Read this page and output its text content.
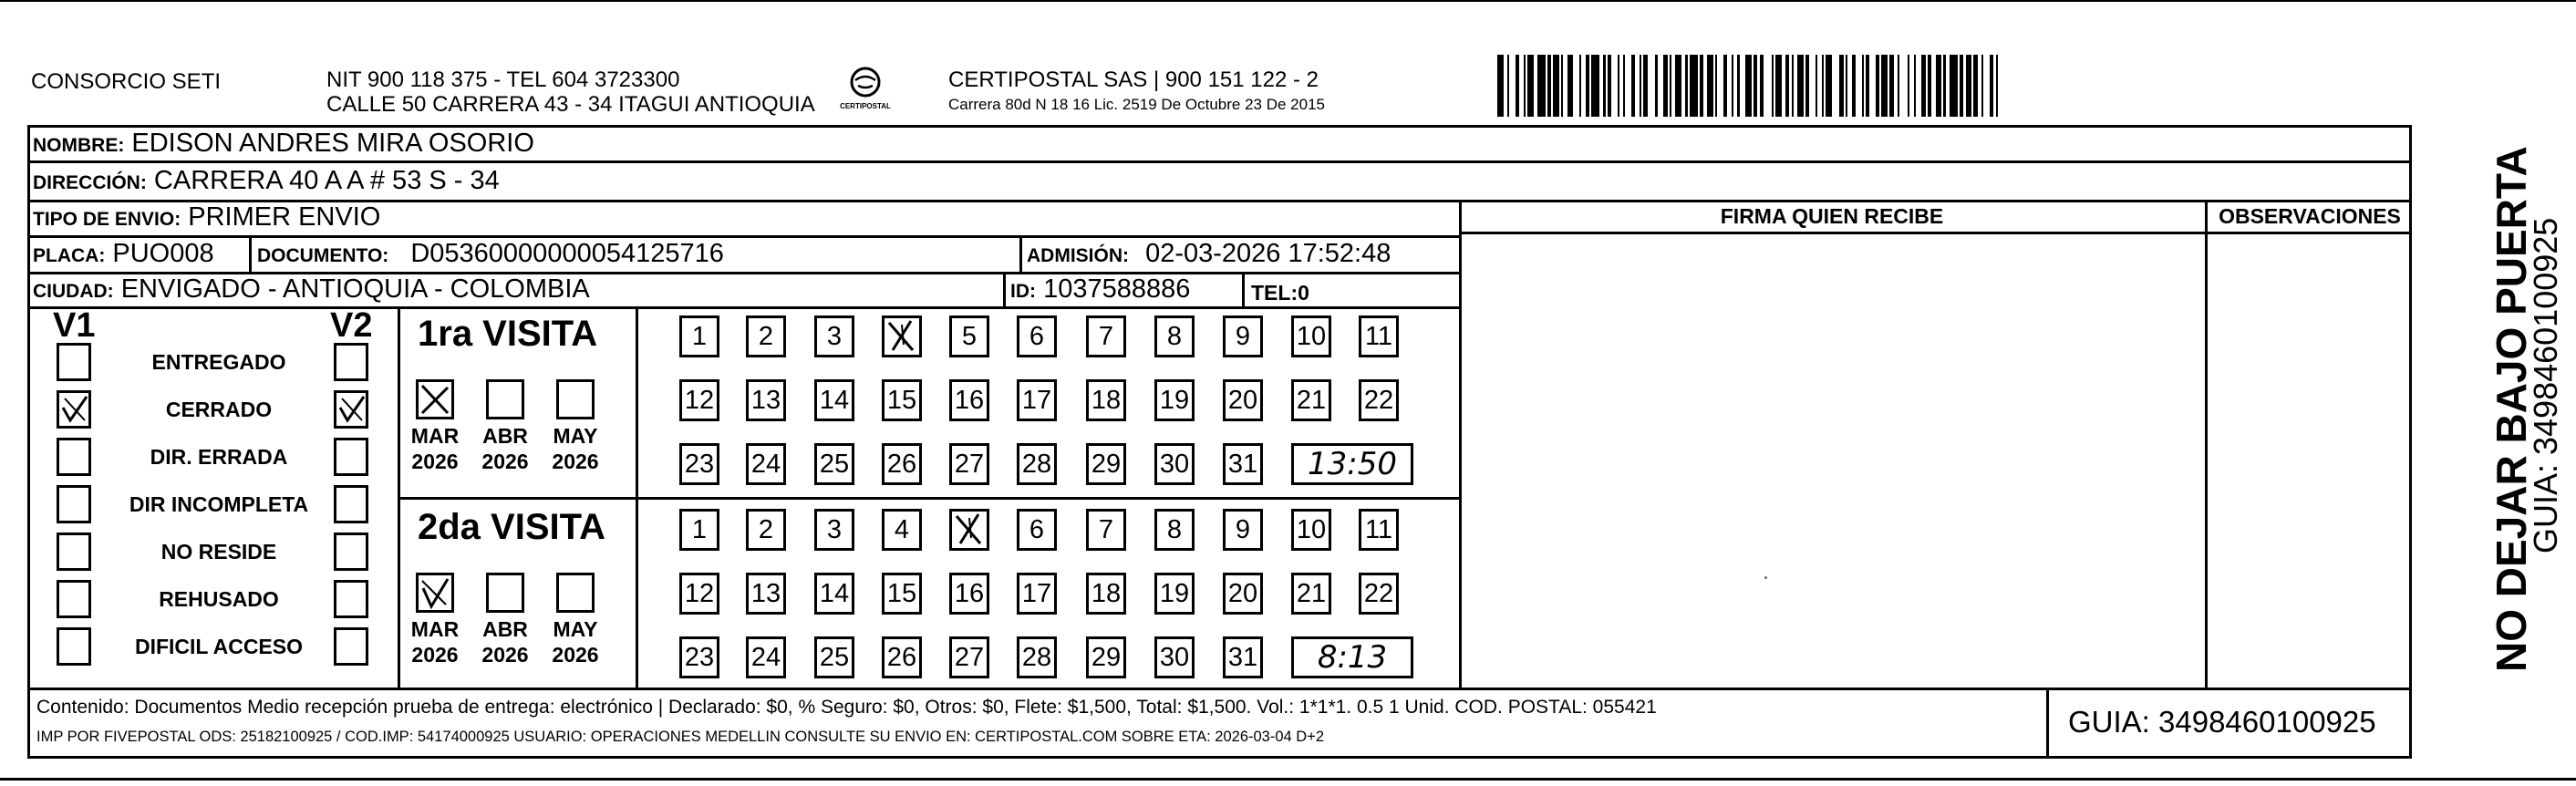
CONSORCIO SETI	NIT 900 118 375 - TEL 604 3723300
CALLE 50 CARRERA 43 - 34 ITAGUI ANTIOQUIA	CERTIPOSTAL
CERTIPOSTAL SAS | 900 151 122 - 2
Carrera 80d N 18 16 Lic. 2519 De Octubre 23 De 2015
NOMBRE: EDISON ANDRES MIRA OSORIO
DIRECCIÓN: CARRERA 40 A A # 53 S - 34
FIRMA QUIEN RECIBE	OBSERVACIONES
TIPO DE ENVIO: PRIMER ENVIO
PLACA: PUO008 DOCUMENTO: D05360000000054125716	ADMISIÓN: 02-03-2026 17:52:48
CIUDAD: ENVIGADO - ANTIOQUIA - COLOMBIA	ID: 1037588886	TEL:0
V1	V2
ENTREGADO
CERRADO
DIR. ERRADA
DIR INCOMPLETA
NO RESIDE
REHUSADO
DIFICIL ACCESO
1ra VISITA
2da VISITA
MAR
2026
ABR
2026
MAY
2026
1	2	3	5	6	7	8	9	10 11
12 13 14 15 16 17 18 19 20 21 22
23 24 25 26 27 28 29 30 31	13:50
MAR
2026
ABR
2026
MAY
2026
1	2	3	4	6	7	8	9	10 11
12 13 14 15 16 17 18 19 20 21 22
23 24 25 26 27 28 29 30 31	8:13
Contenido: Documentos Medio recepción prueba de entrega: electrónico | Declarado: $0, % Seguro: $0, Otros: $0, Flete: $1,500, Total: $1,500. Vol.: 1*1*1. 0.5 1 Unid. COD. POSTAL: 055421
IMP POR FIVEPOSTAL ODS: 25182100925 / COD.IMP: 54174000925 USUARIO: OPERACIONES MEDELLIN CONSULTE SU ENVIO EN: CERTIPOSTAL.COM SOBRE ETA: 2026-03-04 D+2	GUIA: 3498460100925
NO DEJAR BAJO PUERTA
GUIA: 3498460100925
